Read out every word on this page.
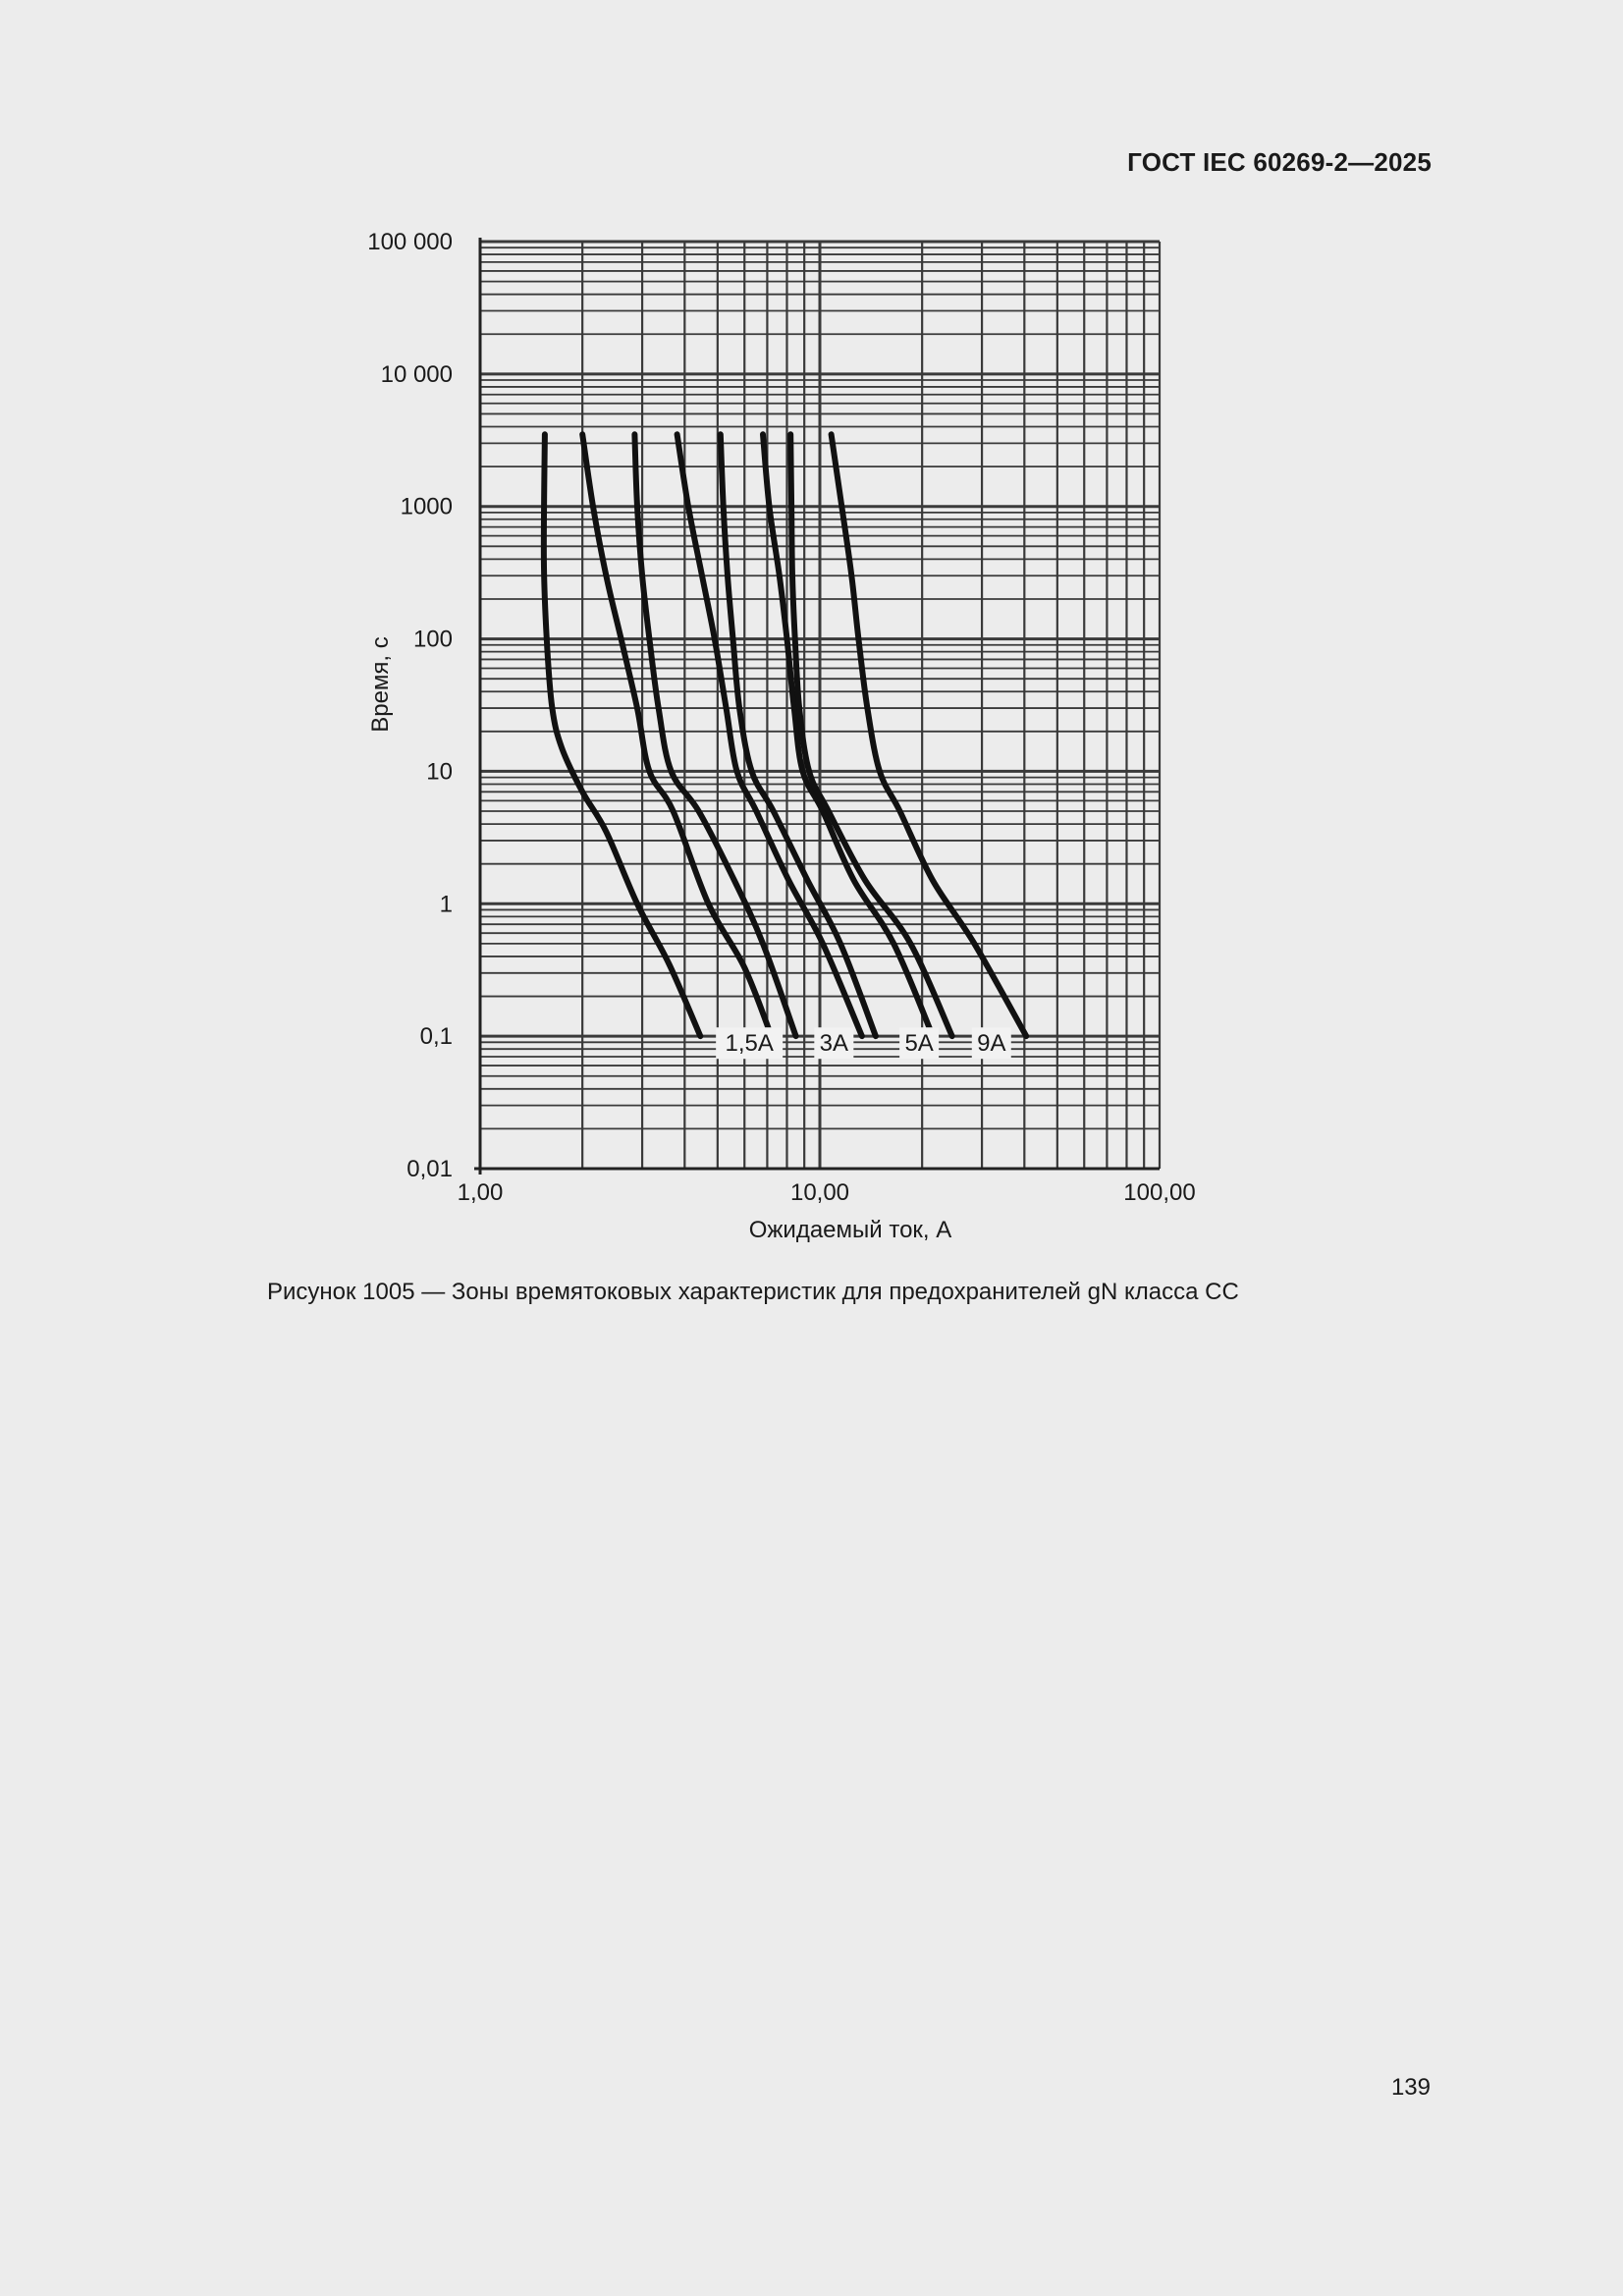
ГОСТ IEC 60269-2—2025
1,5A 3A 5A 9A
100 000
10 000
1000
100
10
1
0,1
0,01
1,00	10,00	100,00
Ожидаемый ток, А
Время, с
Рисунок 1005 — Зоны времятоковых характеристик для предохранителей gN класса CC
139
